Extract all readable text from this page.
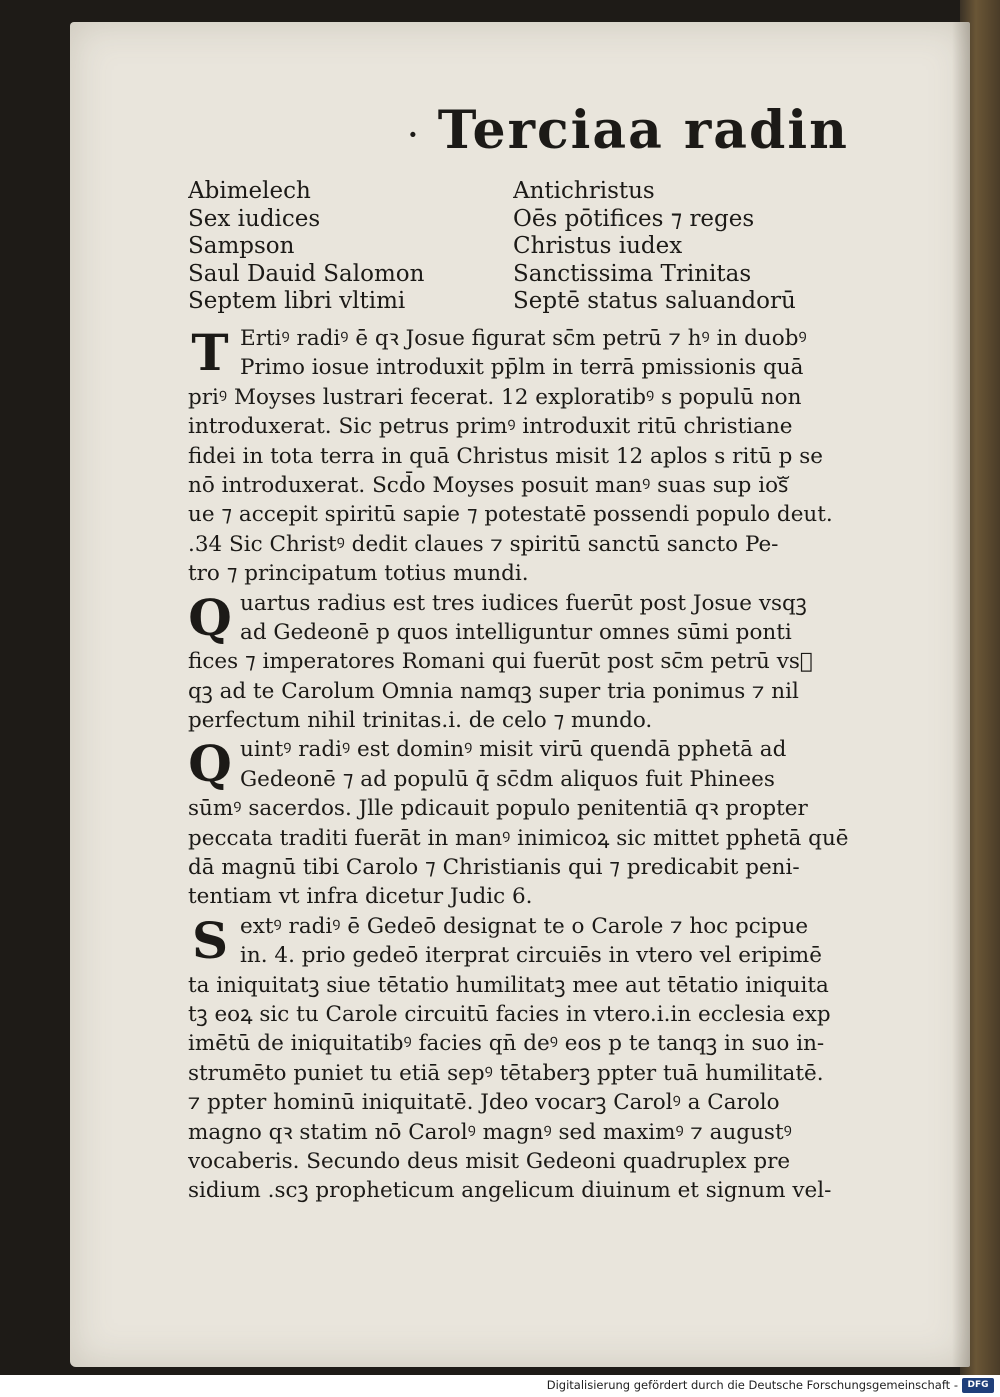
· Terciaa radin
Abimelech	Antichristus
Sex iudices	Oēs pōtifices ⁊ reges
Sampson	Christus iudex
Saul Dauid Salomon	Sanctissima Trinitas
Septem libri vltimi	Septē status saluandorū
T Ertiꝰ radiꝰ ē qꝛ Josue figurat sc̄m petrū ⁊ hꝰ in duobꝰ
Primo iosue introduxit pp̄lm in terrā pmissionis quā
priꝰ Moyses lustrari fecerat. 12 exploratibꝰ s populū non
introduxerat. Sic petrus primꝰ introduxit ritū christiane
fidei in tota terra in quā Christus misit 12 aplos s ritū p se
nō introduxerat. Scd̄o Moyses posuit manꝰ suas sup iosᷓ
ue ⁊ accepit spiritū sapie ⁊ potestatē possendi populo deut.
.34 Sic Christꝰ dedit claues ⁊ spiritū sanctū sancto Pe-
tro ⁊ principatum totius mundi.
Q uartus radius est tres iudices fuerūt post Josue vsqꝫ
ad Gedeonē p quos intelliguntur omnes sūmi ponti
fices ⁊ imperatores Romani qui fuerūt post sc̄m petrū vsᷓ
qꝫ ad te Carolum Omnia namqꝫ super tria ponimus ⁊ nil
perfectum nihil trinitas.i. de celo ⁊ mundo.
Q uintꝰ radiꝰ est dominꝰ misit virū quendā pphetā ad
Gedeonē ⁊ ad populū q̄ sc̄dm aliquos fuit Phinees
sūmꝰ sacerdos. Jlle pdicauit populo penitentiā qꝛ propter
peccata traditi fuerāt in manꝰ inimicoꝝ sic mittet pphetā quē
dā magnū tibi Carolo ⁊ Christianis qui ⁊ predicabit peni-
tentiam vt infra dicetur Judic 6.
S extꝰ radiꝰ ē Gedeō designat te o Carole ⁊ hoc pcipue
in. 4. prio gedeō iterprat circuiēs in vtero vel eripimē
ta iniquitatꝫ siue tētatio humilitatꝫ mee aut tētatio iniquita
tꝫ eoꝝ sic tu Carole circuitū facies in vtero.i.in ecclesia exp
imētū de iniquitatibꝰ facies qn̄ deꝰ eos p te tanqꝫ in suo in-
strumēto puniet tu etiā sepꝰ tētaberꝫ ppter tuā humilitatē.
⁊ ppter hominū iniquitatē. Jdeo vocarꝫ Carolꝰ a Carolo
magno qꝛ statim nō Carolꝰ magnꝰ sed maximꝰ ⁊ augustꝰ
vocaberis. Secundo deus misit Gedeoni quadruplex pre
sidium .scꝫ propheticum angelicum diuinum et signum vel-
Digitalisierung gefördert durch die Deutsche Forschungsgemeinschaft -	DFG
